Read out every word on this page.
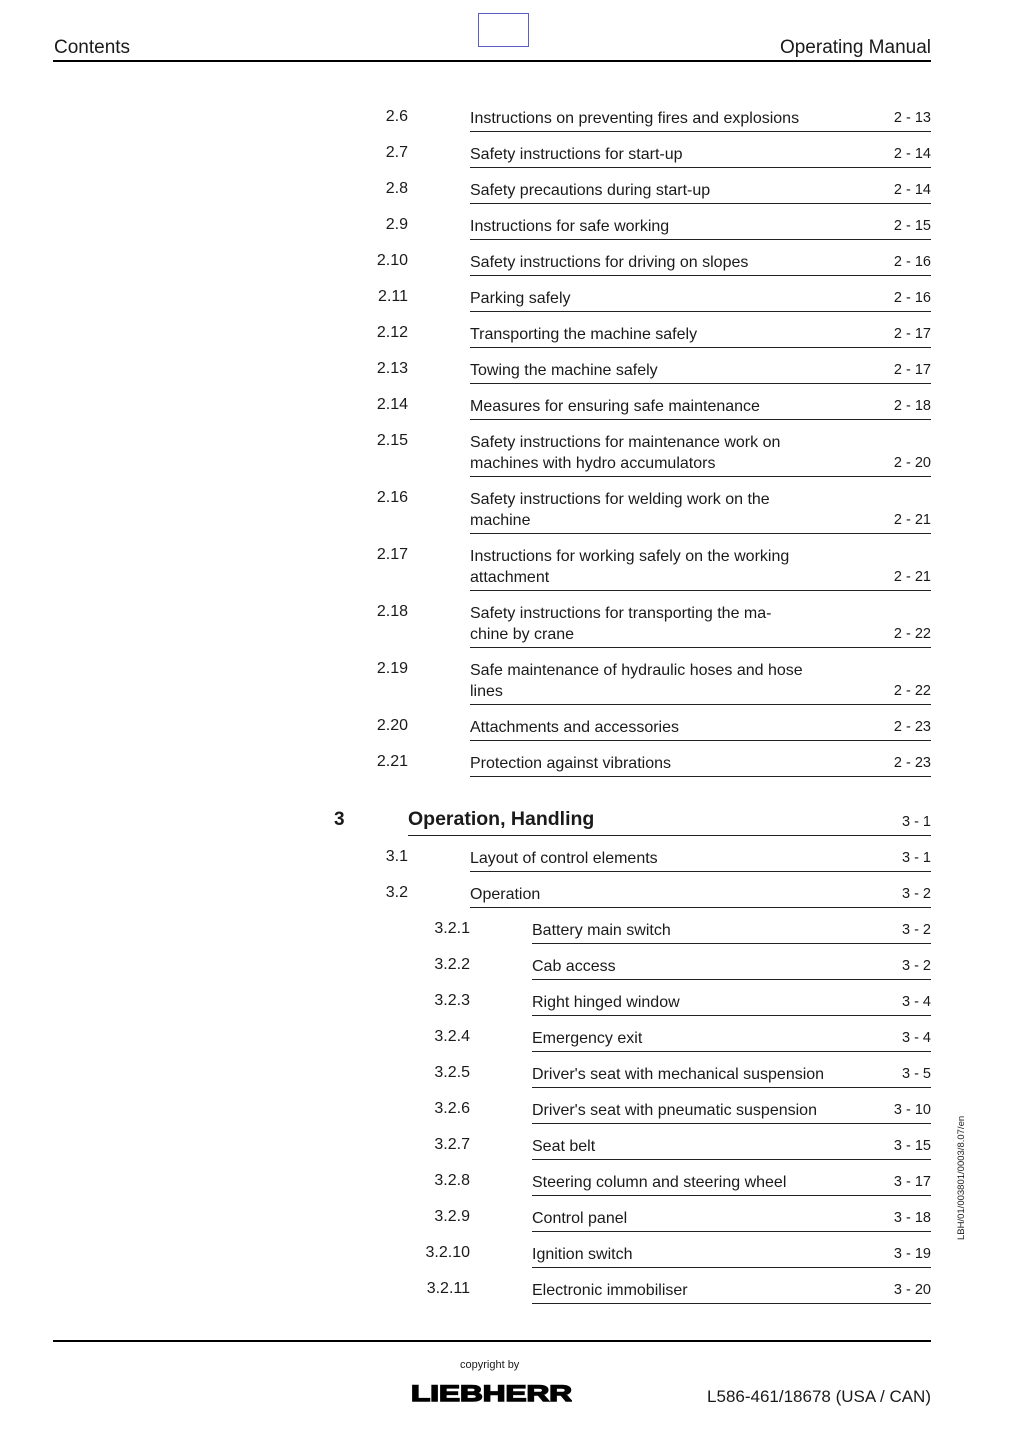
Contents	Operating Manual
2.6	Instructions on preventing fires and explosions	2 - 13
2.7	Safety instructions for start-up	2 - 14
2.8	Safety precautions during start-up	2 - 14
2.9	Instructions for safe working	2 - 15
2.10	Safety instructions for driving on slopes	2 - 16
2.11	Parking safely	2 - 16
2.12	Transporting the machine safely	2 - 17
2.13	Towing the machine safely	2 - 17
2.14	Measures for ensuring safe maintenance	2 - 18
2.15	Safety instructions for maintenance work on
machines with hydro accumulators	2 - 20
2.16	Safety instructions for welding work on the
machine	2 - 21
2.17	Instructions for working safely on the working
attachment	2 - 21
2.18	Safety instructions for transporting the ma-
chine by crane	2 - 22
2.19	Safe maintenance of hydraulic hoses and hose
lines	2 - 22
2.20	Attachments and accessories	2 - 23
2.21	Protection against vibrations	2 - 23
3	Operation, Handling	3 - 1
3.1	Layout of control elements	3 - 1
3.2	Operation	3 - 2
3.2.1	Battery main switch	3 - 2
3.2.2	Cab access	3 - 2
3.2.3	Right hinged window	3 - 4
3.2.4	Emergency exit	3 - 4
3.2.5	Driver's seat with mechanical suspension	3 - 5
3.2.6	Driver's seat with pneumatic suspension	3 - 10
3.2.7	Seat belt	3 - 15
3.2.8	Steering column and steering wheel	3 - 17
3.2.9	Control panel	3 - 18
3.2.10	Ignition switch	3 - 19
3.2.11	Electronic immobiliser	3 - 20
LBH/01/003801/0003/8.07/en
copyright by
LIEBHERR	L586-461/18678 (USA / CAN)
